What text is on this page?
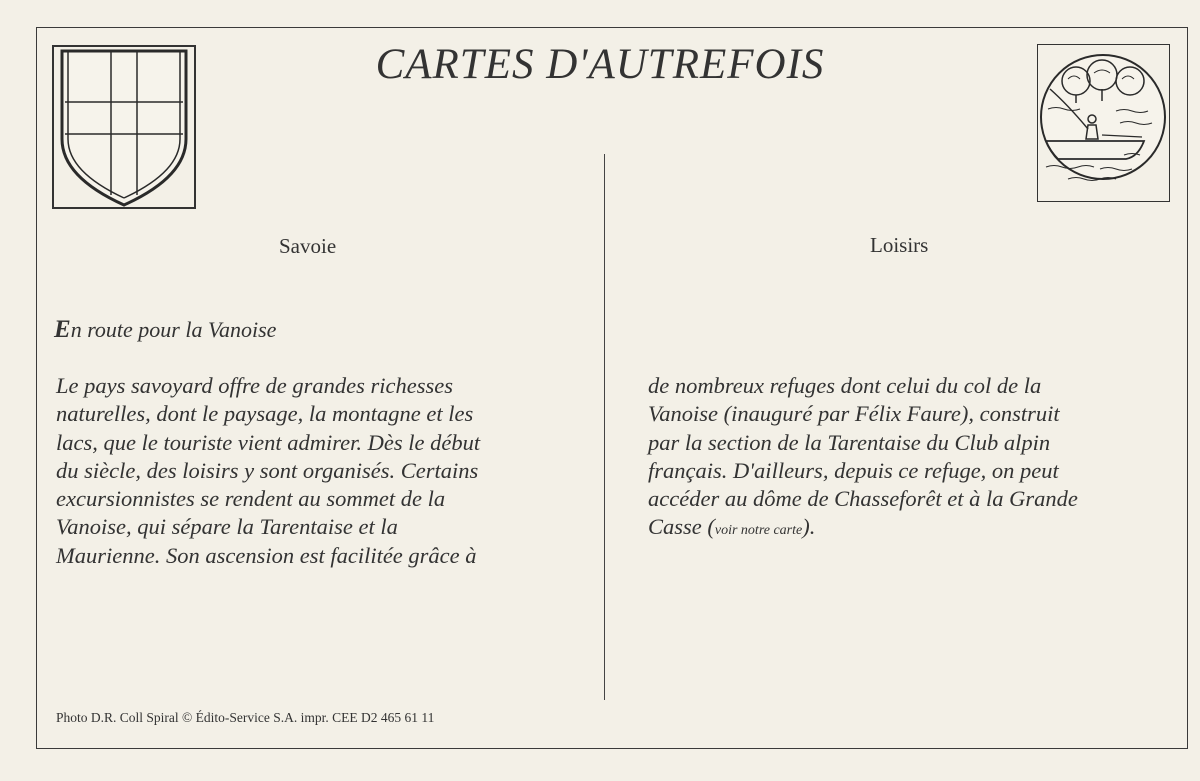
CARTES D'AUTREFOIS
Savoie	Loisirs
En route pour la Vanoise
Le pays savoyard offre de grandes richesses
naturelles, dont le paysage, la montagne et les
lacs, que le touriste vient admirer. Dès le début
du siècle, des loisirs y sont organisés. Certains
excursionnistes se rendent au sommet de la
Vanoise, qui sépare la Tarentaise et la
Maurienne. Son ascension est facilitée grâce à
de nombreux refuges dont celui du col de la
Vanoise (inauguré par Félix Faure), construit
par la section de la Tarentaise du Club alpin
français. D'ailleurs, depuis ce refuge, on peut
accéder au dôme de Chasseforêt et à la Grande
Casse (voir notre carte).
Photo D.R. Coll Spiral © Édito-Service S.A. impr. CEE D2 465 61 11
